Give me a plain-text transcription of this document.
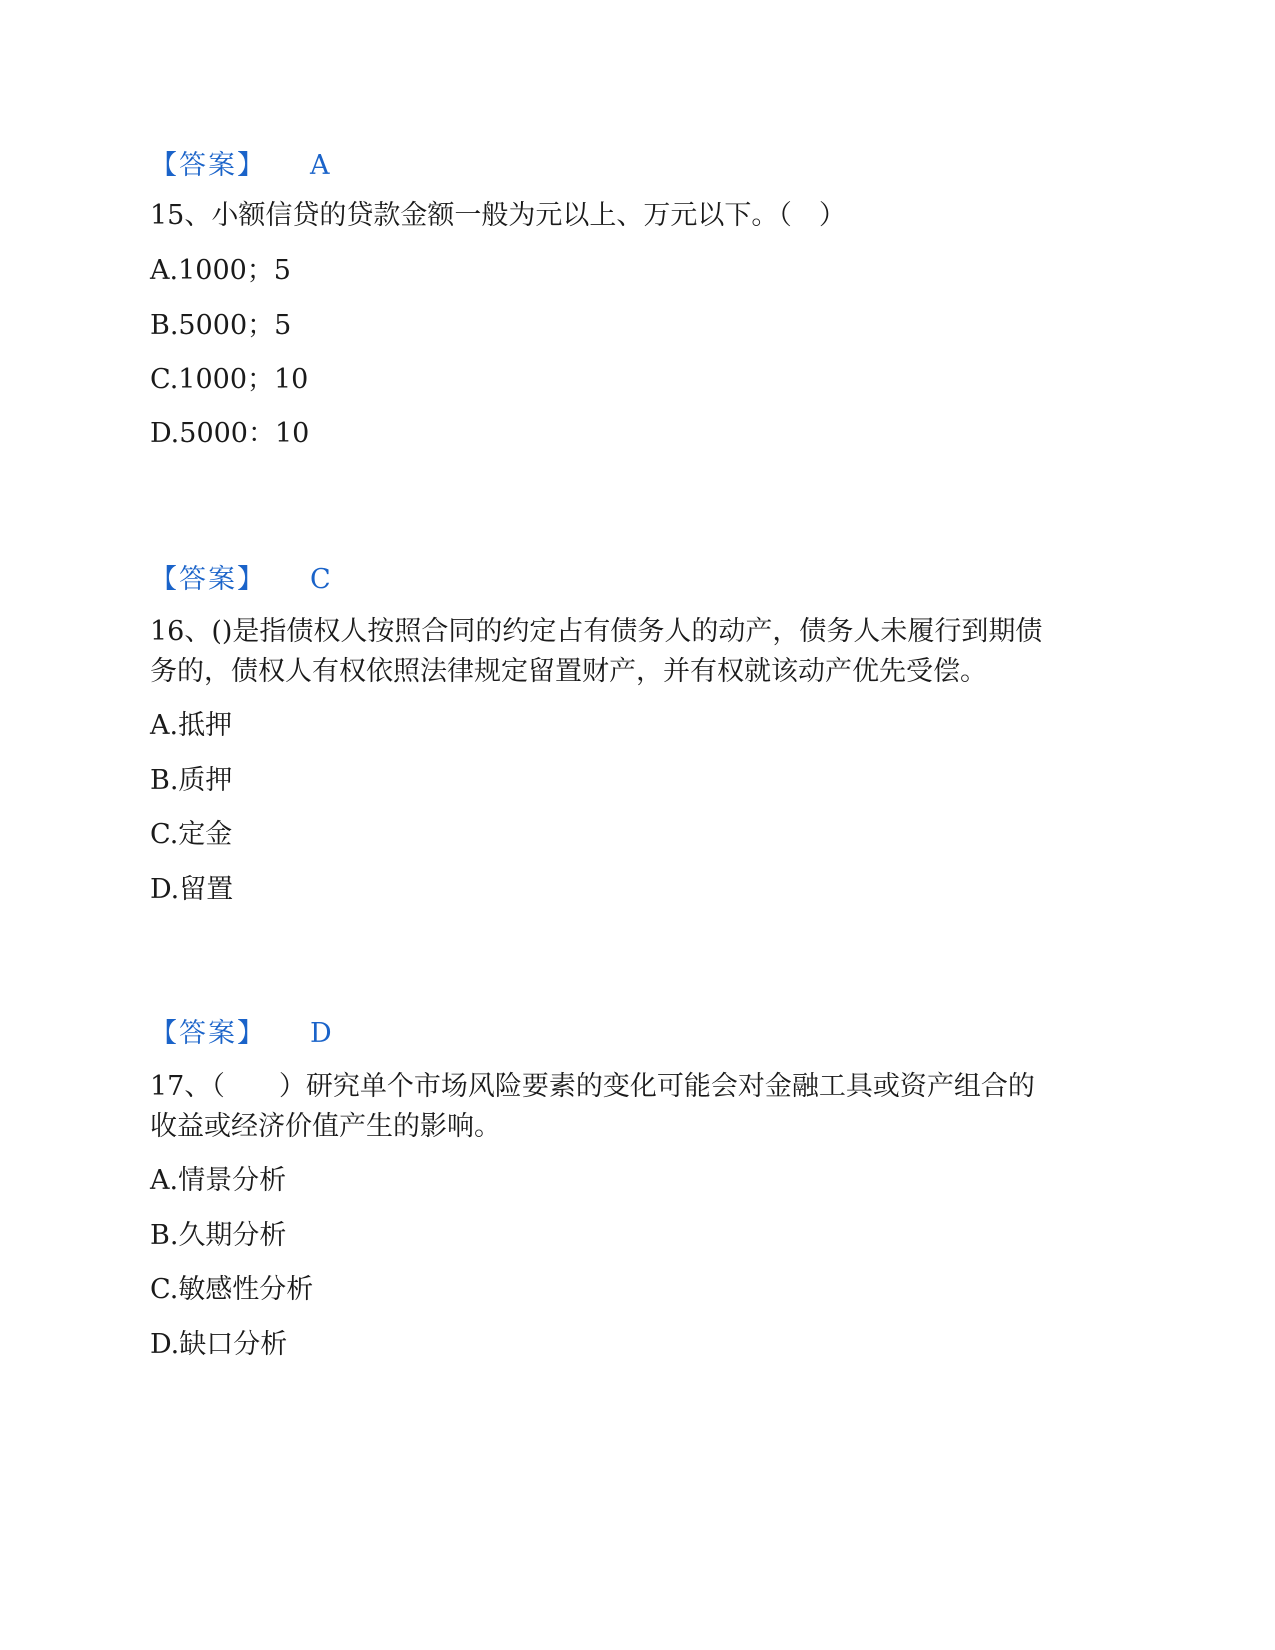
【答案】 A
15、小额信贷的贷款金额一般为元以上、万元以下。（　）
A.1000；5
B.5000；5
C.1000；10
D.5000：10
【答案】 C
16、()是指债权人按照合同的约定占有债务人的动产，债务人未履行到期债
务的，债权人有权依照法律规定留置财产，并有权就该动产优先受偿。
A.抵押
B.质押
C.定金
D.留置
【答案】 D
17、（　　）研究单个市场风险要素的变化可能会对金融工具或资产组合的
收益或经济价值产生的影响。
A.情景分析
B.久期分析
C.敏感性分析
D.缺口分析
